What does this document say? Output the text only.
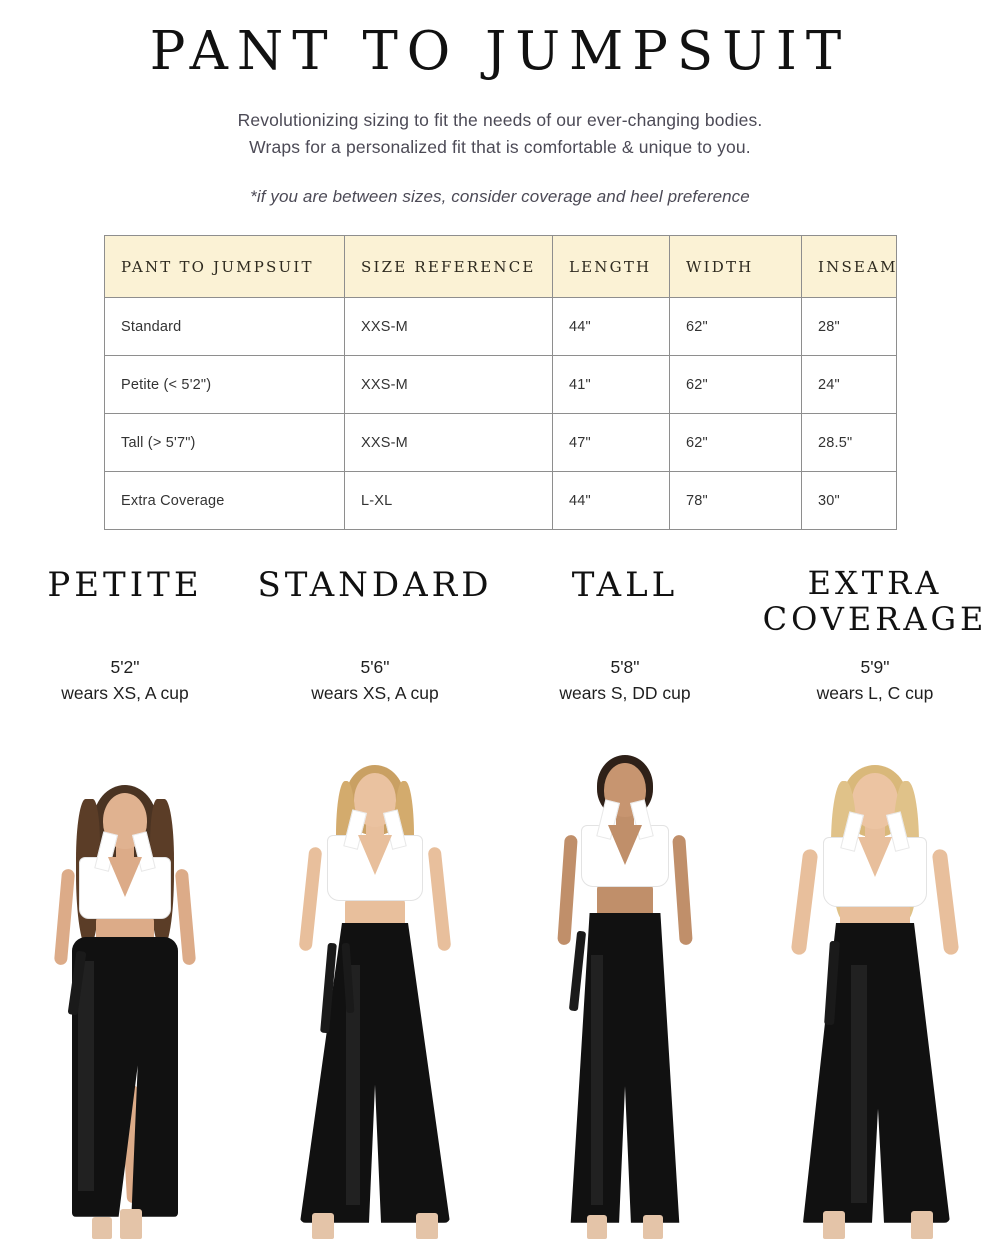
PANT TO JUMPSUIT
Revolutionizing sizing to fit the needs of our ever-changing bodies.
Wraps for a personalized fit that is comfortable & unique to you.
*if you are between sizes, consider coverage and heel preference
PANT TO JUMPSUIT	SIZE REFERENCE	LENGTH	WIDTH	INSEAM
Standard	XXS-M	44"	62"	28"
Petite (< 5'2")	XXS-M	41"	62"	24"
Tall (> 5'7")	XXS-M	47"	62"	28.5"
Extra Coverage	L-XL	44"	78"	30"
PETITE
5'2"
wears XS, A cup
STANDARD
5'6"
wears XS, A cup
TALL
5'8"
wears S, DD cup
EXTRA
COVERAGE
5'9"
wears L, C cup
